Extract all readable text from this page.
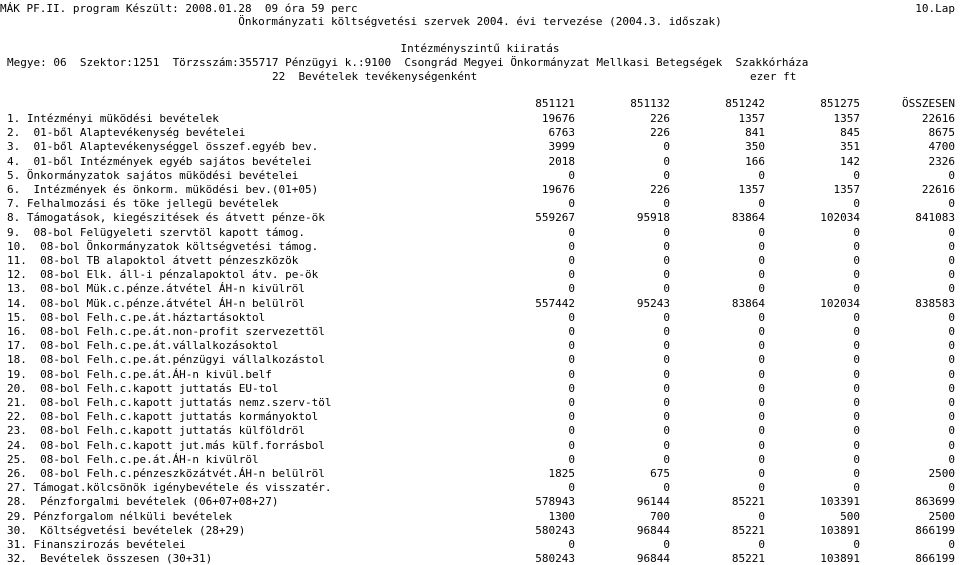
MÁK PF.II. program Készült: 2008.01.28  09 óra 59 perc	10.Lap
Önkormányzati költségvetési szervek 2004. évi tervezése (2004.3. időszak)
Intézményszintű kiiratás
Megye: 06  Szektor:1251  Törzsszám:355717 Pénzügyi k.:9100  Csongrád Megyei Önkormányzat Mellkasi Betegségek  Szakkórháza
22  Bevételek tevékenységenként	ezer ft
851121	851132	851242	851275	ÖSSZESEN
1. Intézményi müködési bevételek	19676	226	1357	1357	22616
2.  01-ből Alaptevékenység bevételei	6763	226	841	845	8675
3.  01-ből Alaptevékenységgel összef.egyéb bev.	3999	0	350	351	4700
4.  01-ből Intézmények egyéb sajátos bevételei	2018	0	166	142	2326
5. Önkormányzatok sajátos müködési bevételei	0	0	0	0	0
6.  Intézmények és önkorm. müködési bev.(01+05)	19676	226	1357	1357	22616
7. Felhalmozási és töke jellegü bevételek	0	0	0	0	0
8. Támogatások, kiegészitések és átvett pénze-ök	559267	95918	83864	102034	841083
9.  08-bol Felügyeleti szervtöl kapott támog.	0	0	0	0	0
10.  08-bol Önkormányzatok költségvetési támog.	0	0	0	0	0
11.  08-bol TB alapoktol átvett pénzeszközök	0	0	0	0	0
12.  08-bol Elk. áll-i pénzalapoktol átv. pe-ök	0	0	0	0	0
13.  08-bol Mük.c.pénze.átvétel ÁH-n kivülröl	0	0	0	0	0
14.  08-bol Mük.c.pénze.átvétel ÁH-n belülröl	557442	95243	83864	102034	838583
15.  08-bol Felh.c.pe.át.háztartásoktol	0	0	0	0	0
16.  08-bol Felh.c.pe.át.non-profit szervezettöl	0	0	0	0	0
17.  08-bol Felh.c.pe.át.vállalkozásoktol	0	0	0	0	0
18.  08-bol Felh.c.pe.át.pénzügyi vállalkozástol	0	0	0	0	0
19.  08-bol Felh.c.pe.át.ÁH-n kivül.belf	0	0	0	0	0
20.  08-bol Felh.c.kapott juttatás EU-tol	0	0	0	0	0
21.  08-bol Felh.c.kapott juttatás nemz.szerv-töl	0	0	0	0	0
22.  08-bol Felh.c.kapott juttatás kormányoktol	0	0	0	0	0
23.  08-bol Felh.c.kapott juttatás külföldröl	0	0	0	0	0
24.  08-bol Felh.c.kapott jut.más külf.forrásbol	0	0	0	0	0
25.  08-bol Felh.c.pe.át.ÁH-n kivülröl	0	0	0	0	0
26.  08-bol Felh.c.pénzeszközátvét.ÁH-n belülröl	1825	675	0	0	2500
27. Támogat.kölcsönök igénybevétele és visszatér.	0	0	0	0	0
28.  Pénzforgalmi bevételek (06+07+08+27)	578943	96144	85221	103391	863699
29. Pénzforgalom nélküli bevételek	1300	700	0	500	2500
30.  Költségvetési bevételek (28+29)	580243	96844	85221	103891	866199
31. Finanszirozás bevételei	0	0	0	0	0
32.  Bevételek összesen (30+31)	580243	96844	85221	103891	866199
